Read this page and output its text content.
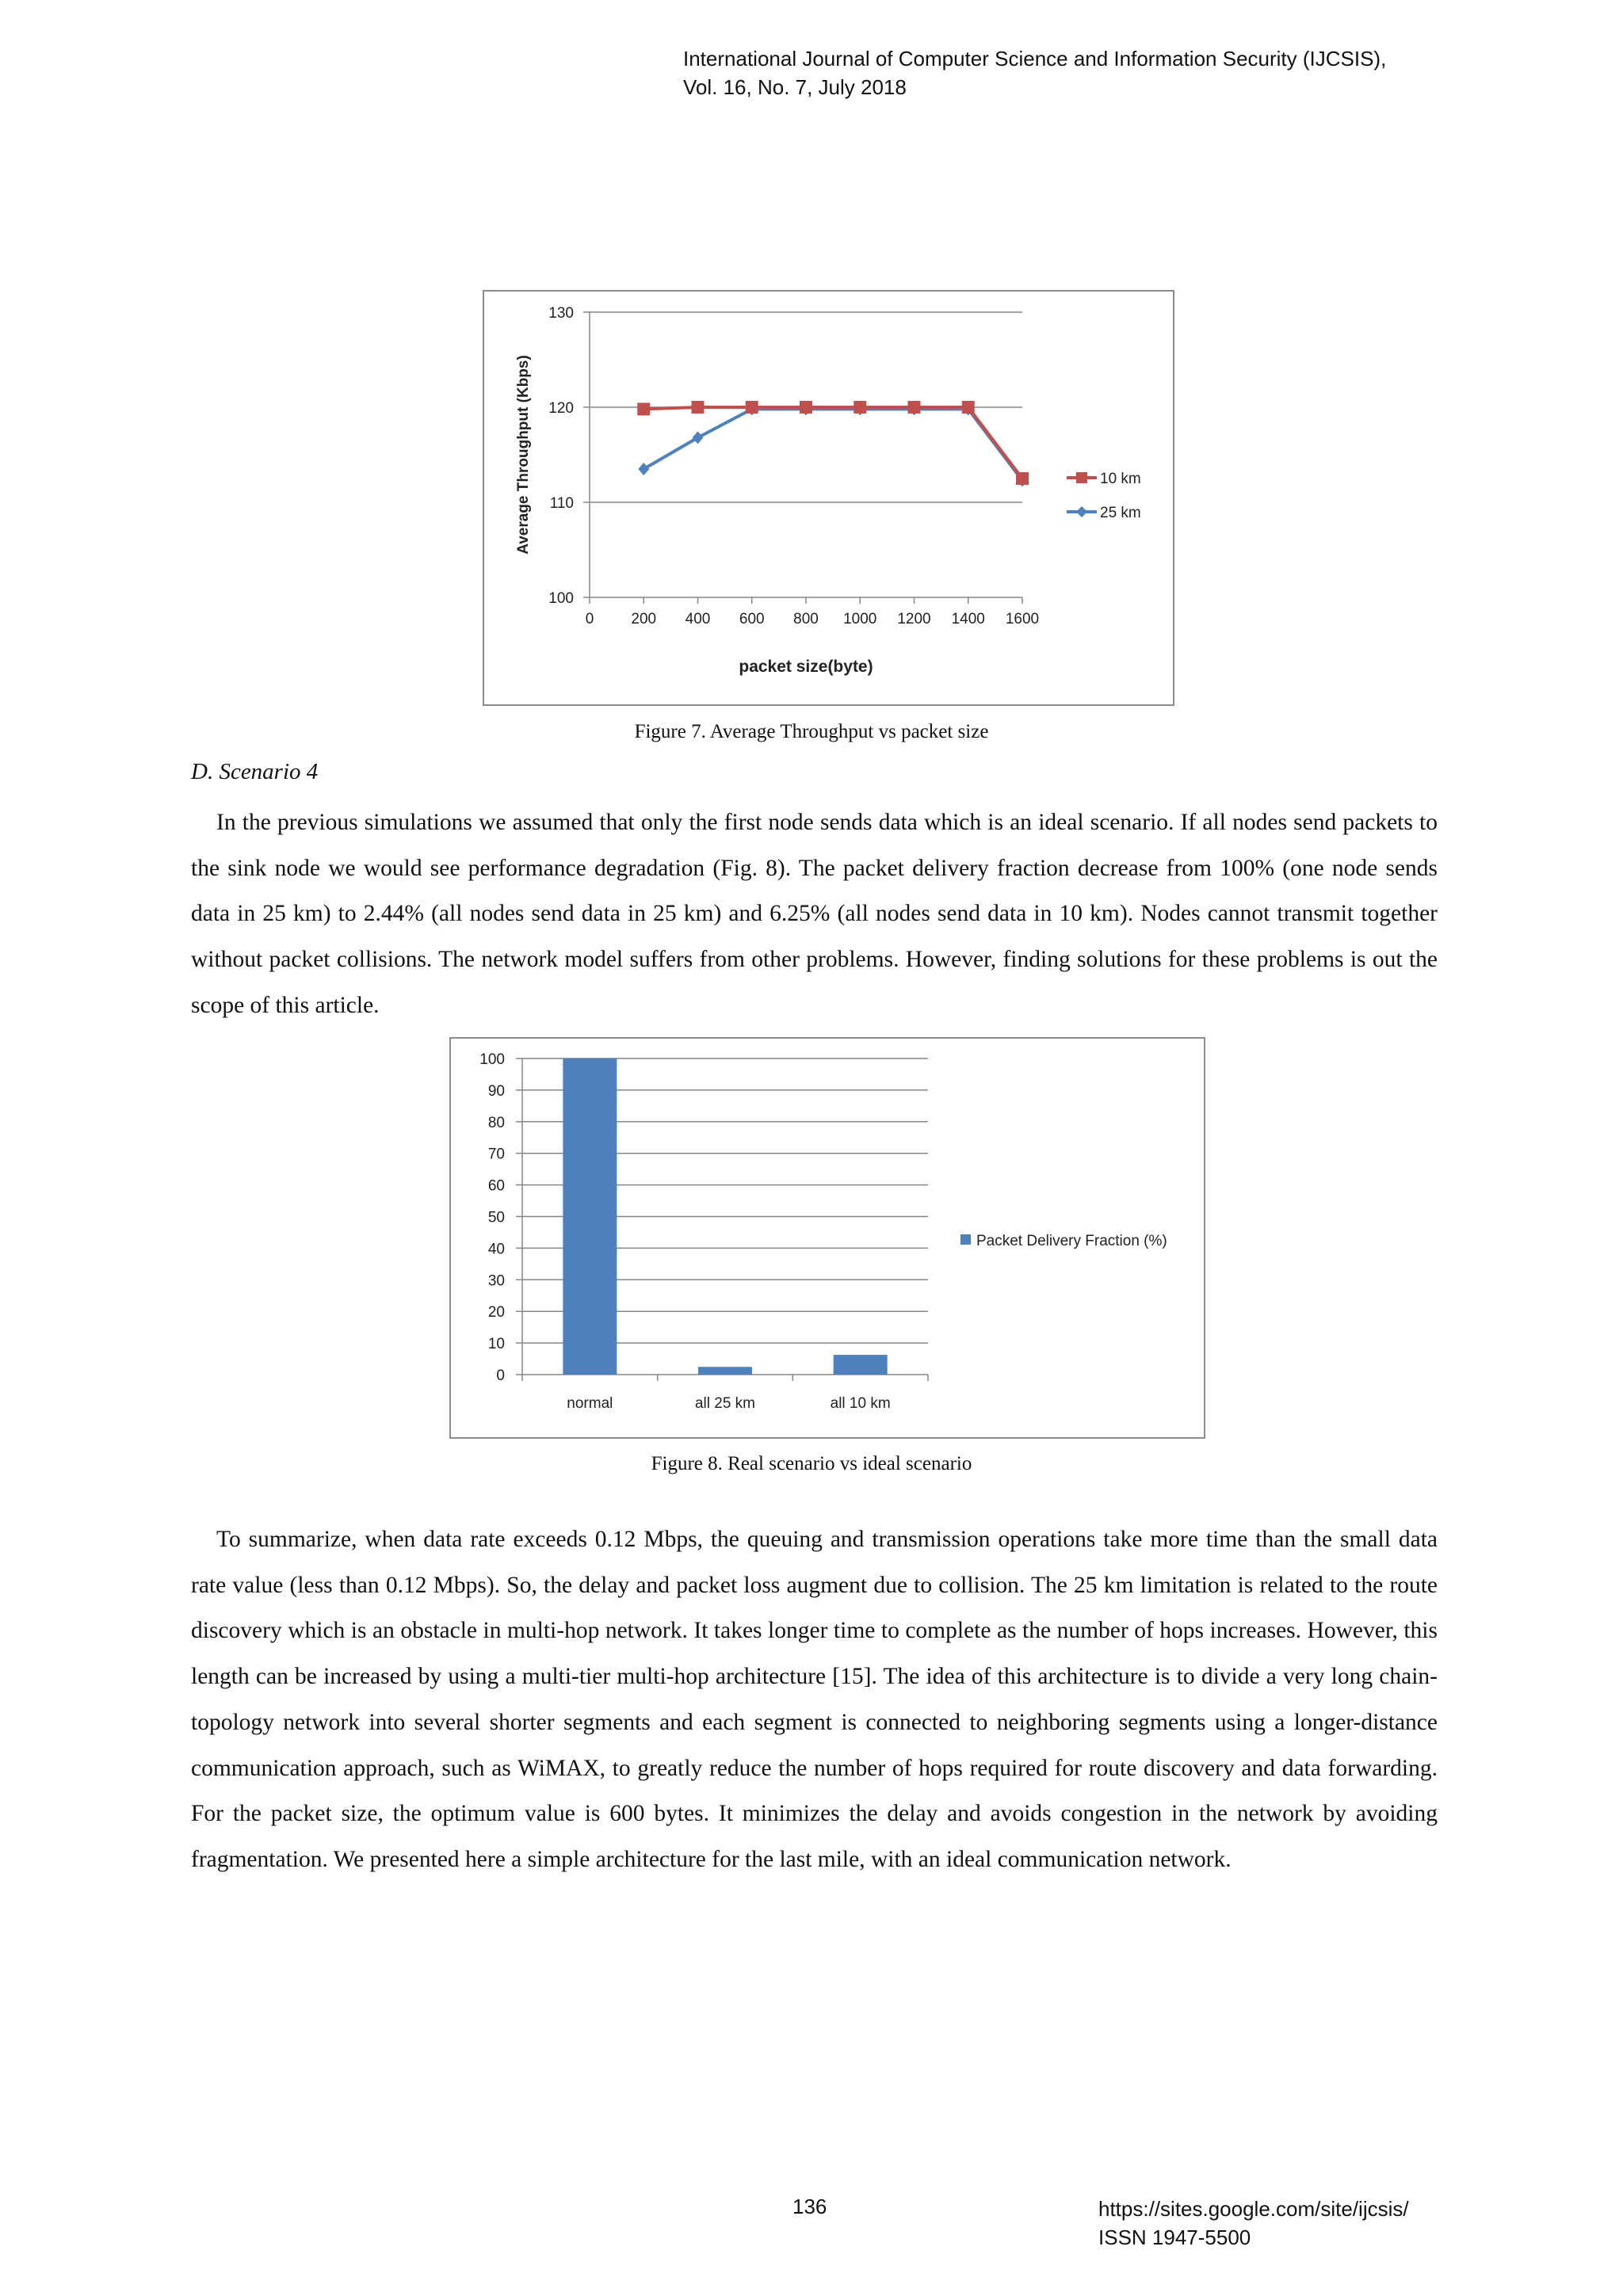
International Journal of Computer Science and Information Security (IJCSIS),
Vol. 16, No. 7, July 2018
100
110
120
130
0 200 400 600 800 1000 1200 1400 1600
packet size(byte)
Average Throughput (Kbps)	10 km
25 km
Figure 7. Average Throughput vs packet size
D. Scenario 4

In the previous simulations we assumed that only the first node sends data which is an ideal scenario. If all nodes send packets to the sink node we would see performance degradation (Fig. 8). The packet delivery fraction decrease from 100% (one node sends data in 25 km) to 2.44% (all nodes send data in 25 km) and 6.25% (all nodes send data in 10 km). Nodes cannot transmit together without packet collisions. The network model suffers from other problems. However, finding solutions for these problems is out the scope of this article.

0
10
20
30
40
50
60
70
80
90
100
normal	all 25 km	all 10 km
Packet Delivery Fraction (%)
Figure 8. Real scenario vs ideal scenario

To summarize, when data rate exceeds 0.12 Mbps, the queuing and transmission operations take more time than the small data rate value (less than 0.12 Mbps). So, the delay and packet loss augment due to collision. The 25 km limitation is related to the route discovery which is an obstacle in multi-hop network. It takes longer time to complete as the number of hops increases. However, this length can be increased by using a multi-tier multi-hop architecture [15]. The idea of this architecture is to divide a very long chain-topology network into several shorter segments and each segment is connected to neighboring segments using a longer-distance communication approach, such as WiMAX, to greatly reduce the number of hops required for route discovery and data forwarding. For the packet size, the optimum value is 600 bytes. It minimizes the delay and avoids congestion in the network by avoiding fragmentation. We presented here a simple architecture for the last mile, with an ideal communication network.

136	https://sites.google.com/site/ijcsis/
ISSN 1947-5500
